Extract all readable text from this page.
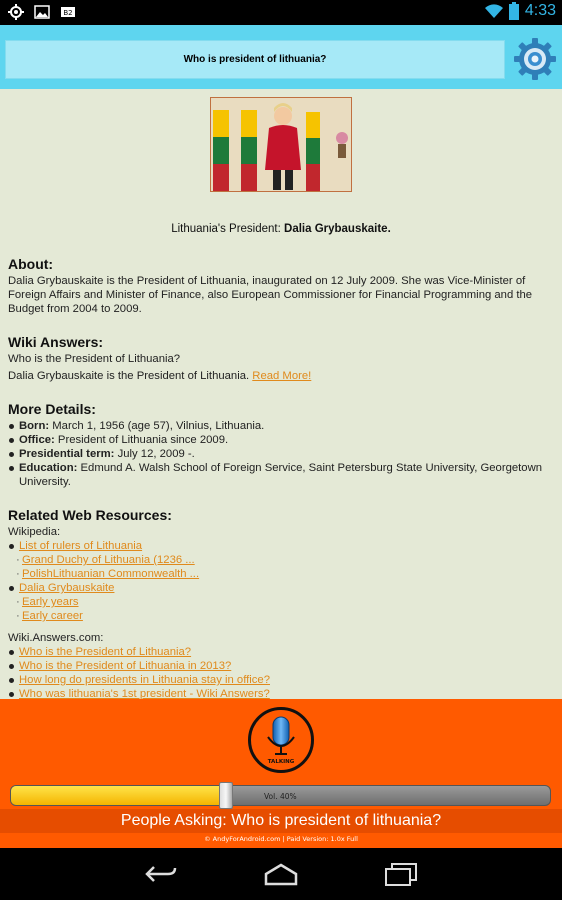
B2	4:33
Who is president of lithuania?
Lithuania's President: Dalia Grybauskaite.
About:
Dalia Grybauskaite is the President of Lithuania, inaugurated on 12 July 2009. She was Vice-Minister of Foreign Affairs and Minister of Finance, also European Commissioner for Financial Programming and the Budget from 2004 to 2009.
Wiki Answers:
Who is the President of Lithuania?
Dalia Grybauskaite is the President of Lithuania. Read More!
More Details:
Born: March 1, 1956 (age 57), Vilnius, Lithuania.
Office: President of Lithuania since 2009.
Presidential term: July 12, 2009 -.
Education: Edmund A. Walsh School of Foreign Service, Saint Petersburg State University, Georgetown University.
Related Web Resources:
Wikipedia:
List of rulers of Lithuania
· Grand Duchy of Lithuania (1236 ...
· PolishLithuanian Commonwealth ...
Dalia Grybauskaite
· Early years
· Early career
Wiki.Answers.com:
Who is the President of Lithuania?
Who is the President of Lithuania in 2013?
How long do presidents in Lithuania stay in office?
Who was lithuania's 1st president - Wiki Answers?
TALKING
Vol. 40%
People Asking: Who is president of lithuania?
© AndyForAndroid.com | Paid Version: 1.0x Full
